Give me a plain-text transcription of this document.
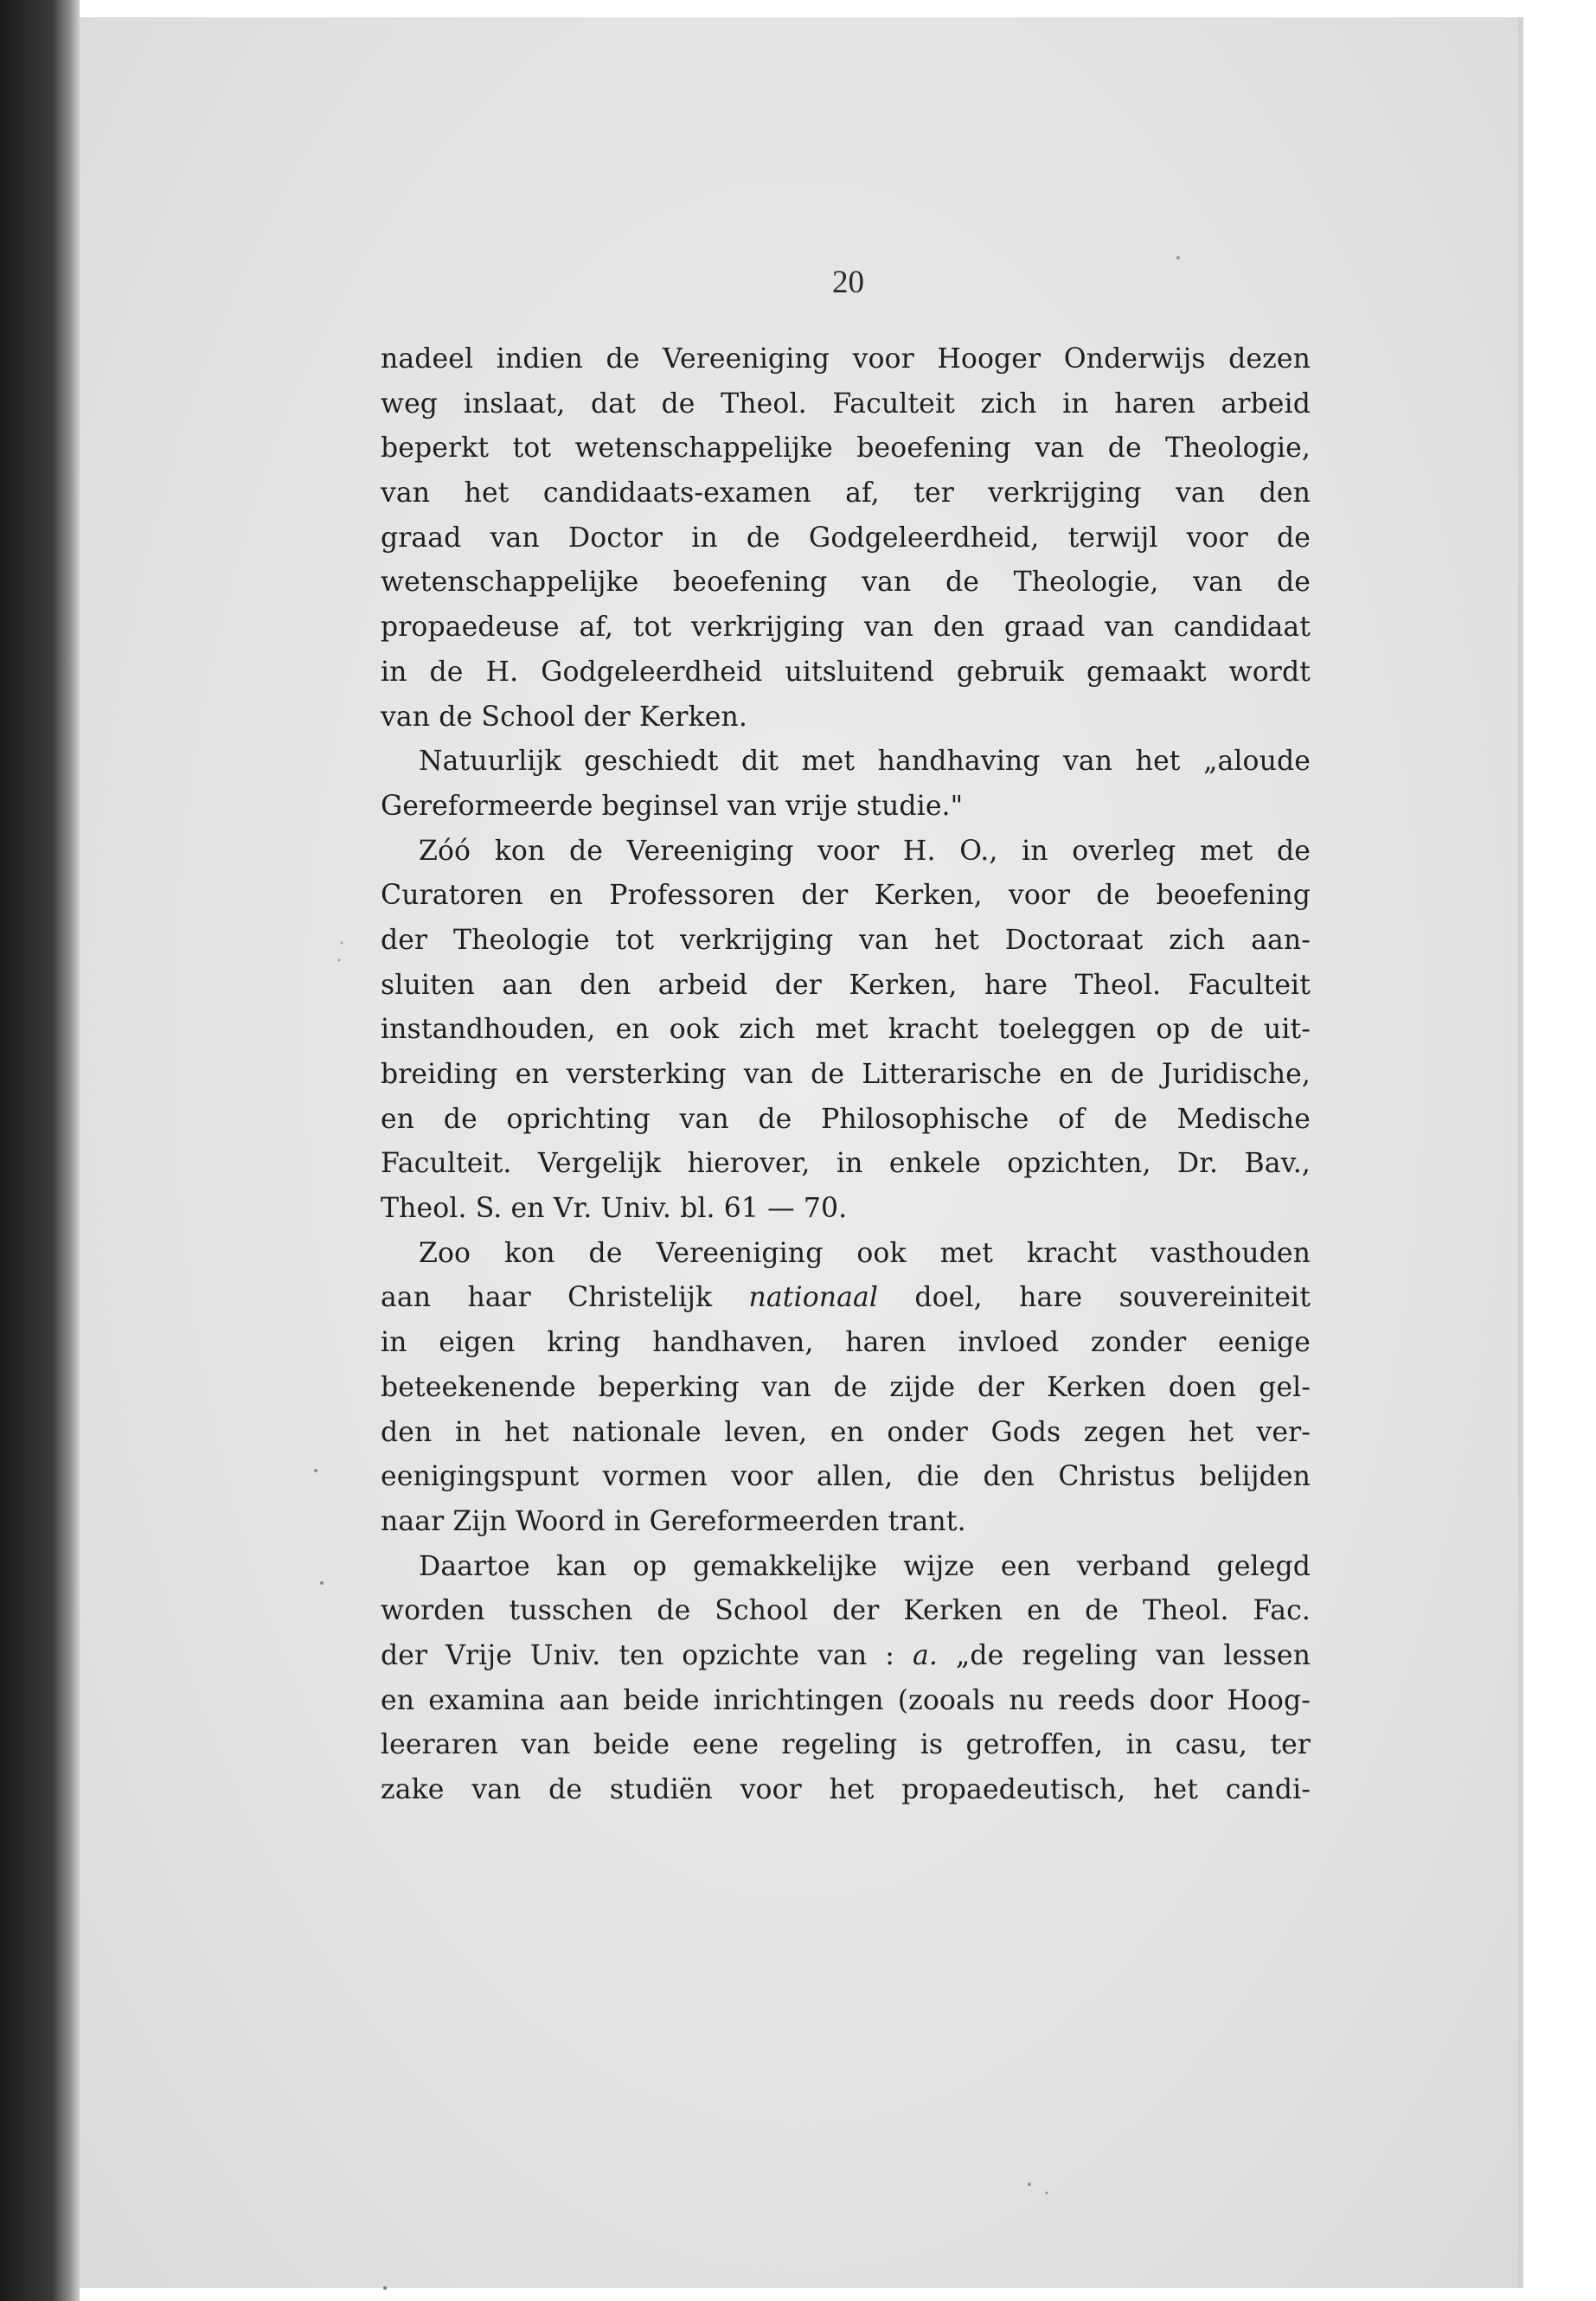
20
nadeel indien de Vereeniging voor Hooger Onderwijs dezen
weg inslaat, dat de Theol. Faculteit zich in haren arbeid
beperkt tot wetenschappelijke beoefening van de Theologie,
van het candidaats-examen af, ter verkrijging van den
graad van Doctor in de Godgeleerdheid, terwijl voor de
wetenschappelijke beoefening van de Theologie, van de
propaedeuse af, tot verkrijging van den graad van candidaat
in de H. Godgeleerdheid uitsluitend gebruik gemaakt wordt
van de School der Kerken.
Natuurlijk geschiedt dit met handhaving van het „aloude
Gereformeerde beginsel van vrije studie."
Zóó kon de Vereeniging voor H. O., in overleg met de
Curatoren en Professoren der Kerken, voor de beoefening
der Theologie tot verkrijging van het Doctoraat zich aan-
sluiten aan den arbeid der Kerken, hare Theol. Faculteit
instandhouden, en ook zich met kracht toeleggen op de uit-
breiding en versterking van de Litterarische en de Juridische,
en de oprichting van de Philosophische of de Medische
Faculteit. Vergelijk hierover, in enkele opzichten, Dr. Bav.,
Theol. S. en Vr. Univ. bl. 61 — 70.
Zoo kon de Vereeniging ook met kracht vasthouden
aan haar Christelijk nationaal doel, hare souvereiniteit
in eigen kring handhaven, haren invloed zonder eenige
beteekenende beperking van de zijde der Kerken doen gel-
den in het nationale leven, en onder Gods zegen het ver-
eenigingspunt vormen voor allen, die den Christus belijden
naar Zijn Woord in Gereformeerden trant.
Daartoe kan op gemakkelijke wijze een verband gelegd
worden tusschen de School der Kerken en de Theol. Fac.
der Vrije Univ. ten opzichte van : a. „de regeling van lessen
en examina aan beide inrichtingen (zooals nu reeds door Hoog-
leeraren van beide eene regeling is getroffen, in casu, ter
zake van de studiën voor het propaedeutisch, het candi-
